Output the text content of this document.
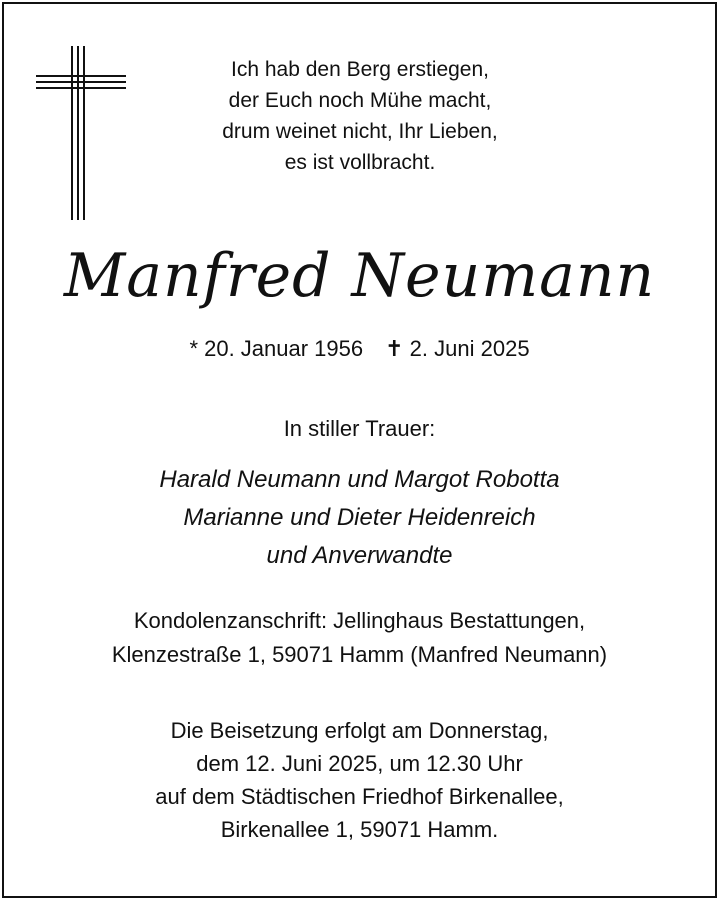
Ich hab den Berg erstiegen,
der Euch noch Mühe macht,
drum weinet nicht, Ihr Lieben,
es ist vollbracht.
Manfred Neumann
* 20. Januar 1956 ✝ 2. Juni 2025
In stiller Trauer:
Harald Neumann und Margot Robotta
Marianne und Dieter Heidenreich
und Anverwandte
Kondolenzanschrift: Jellinghaus Bestattungen,
Klenzestraße 1, 59071 Hamm (Manfred Neumann)
Die Beisetzung erfolgt am Donnerstag,
dem 12. Juni 2025, um 12.30 Uhr
auf dem Städtischen Friedhof Birkenallee,
Birkenallee 1, 59071 Hamm.
